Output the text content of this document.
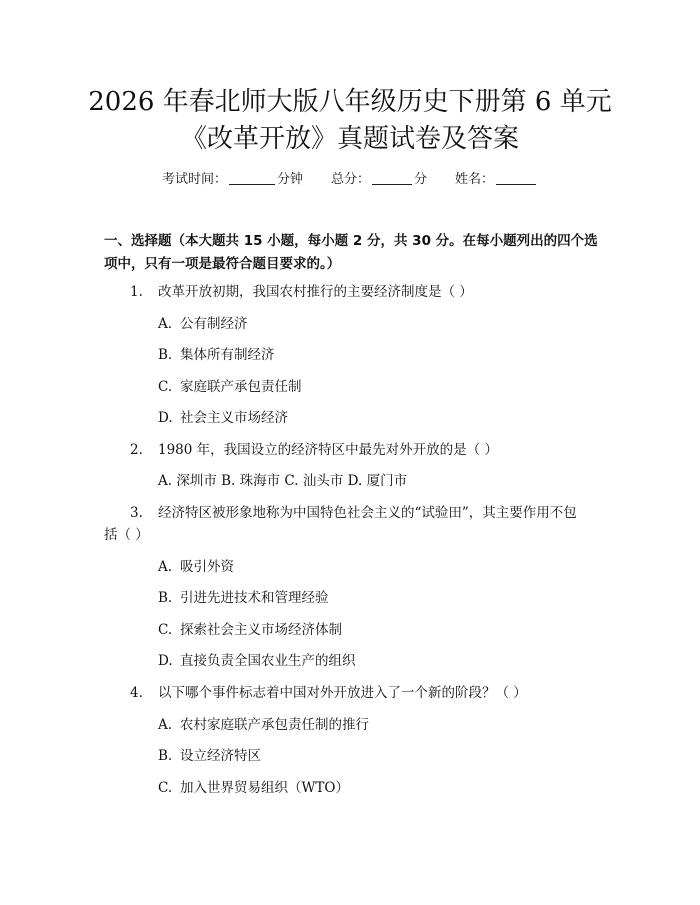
2026 年春北师大版八年级历史下册第 6 单元
《改革开放》真题试卷及答案
考试时间：	分钟 总分：	分 姓名：
一、选择题（本大题共 15 小题，每小题 2 分，共 30 分。在每小题列出的四个选
项中，只有一项是最符合题目要求的。）
1. 改革开放初期，我国农村推行的主要经济制度是（ ）
A. 公有制经济
B. 集体所有制经济
C. 家庭联产承包责任制
D. 社会主义市场经济
2. 1980 年，我国设立的经济特区中最先对外开放的是（ ）
A. 深圳市 B. 珠海市 C. 汕头市 D. 厦门市
3. 经济特区被形象地称为中国特色社会主义的“试验田”，其主要作用不包
括（ ）
A. 吸引外资
B. 引进先进技术和管理经验
C. 探索社会主义市场经济体制
D. 直接负责全国农业生产的组织
4. 以下哪个事件标志着中国对外开放进入了一个新的阶段？（ ）
A. 农村家庭联产承包责任制的推行
B. 设立经济特区
C. 加入世界贸易组织（WTO）
